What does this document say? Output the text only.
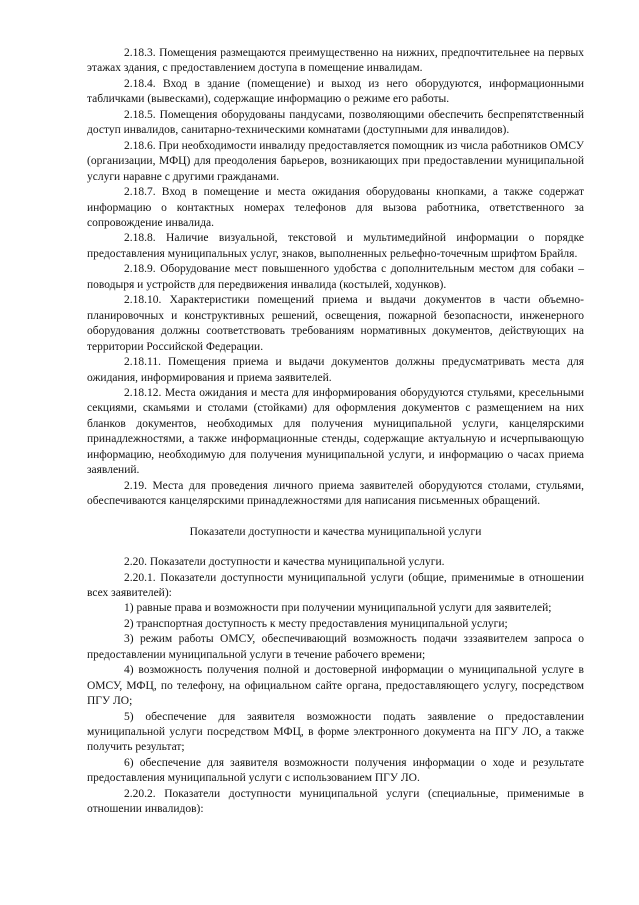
2.18.3. Помещения размещаются преимущественно на нижних, предпочтительнее на первых этажах здания, с предоставлением доступа в помещение инвалидам.

2.18.4. Вход в здание (помещение) и выход из него оборудуются, информационными табличками (вывесками), содержащие информацию о режиме его работы.

2.18.5. Помещения оборудованы пандусами, позволяющими обеспечить беспрепятственный доступ инвалидов, санитарно-техническими комнатами (доступными для инвалидов).

2.18.6. При необходимости инвалиду предоставляется помощник из числа работников ОМСУ (организации, МФЦ) для преодоления барьеров, возникающих при предоставлении муниципальной услуги наравне с другими гражданами.

2.18.7. Вход в помещение и места ожидания оборудованы кнопками, а также содержат информацию о контактных номерах телефонов для вызова работника, ответственного за сопровождение инвалида.

2.18.8. Наличие визуальной, текстовой и мультимедийной информации о порядке предоставления муниципальных услуг, знаков, выполненных рельефно-точечным шрифтом Брайля.

2.18.9. Оборудование мест повышенного удобства с дополнительным местом для собаки – поводыря и устройств для передвижения инвалида (костылей, ходунков).

2.18.10. Характеристики помещений приема и выдачи документов в части объемно-планировочных и конструктивных решений, освещения, пожарной безопасности, инженерного оборудования должны соответствовать требованиям нормативных документов, действующих на территории Российской Федерации.

2.18.11. Помещения приема и выдачи документов должны предусматривать места для ожидания, информирования и приема заявителей.

2.18.12. Места ожидания и места для информирования оборудуются стульями, кресельными секциями, скамьями и столами (стойками) для оформления документов с размещением на них бланков документов, необходимых для получения муниципальной услуги, канцелярскими принадлежностями, а также информационные стенды, содержащие актуальную и исчерпывающую информацию, необходимую для получения муниципальной услуги, и информацию о часах приема заявлений.

2.19. Места для проведения личного приема заявителей оборудуются столами, стульями, обеспечиваются канцелярскими принадлежностями для написания письменных обращений.

Показатели доступности и качества муниципальной услуги

2.20. Показатели доступности и качества муниципальной услуги.

2.20.1. Показатели доступности муниципальной услуги (общие, применимые в отношении всех заявителей):

1) равные права и возможности при получении муниципальной услуги для заявителей;

2) транспортная доступность к месту предоставления муниципальной услуги;

3) режим работы ОМСУ, обеспечивающий возможность подачи зззаявителем запроса о предоставлении муниципальной услуги в течение рабочего времени;

4) возможность получения полной и достоверной информации о муниципальной услуге в ОМСУ, МФЦ, по телефону, на официальном сайте органа, предоставляющего услугу, посредством ПГУ ЛО;

5) обеспечение для заявителя возможности подать заявление о предоставлении муниципальной услуги посредством МФЦ, в форме электронного документа на ПГУ ЛО, а также получить результат;

6) обеспечение для заявителя возможности получения информации о ходе и результате предоставления муниципальной услуги с использованием ПГУ ЛО.

2.20.2. Показатели доступности муниципальной услуги (специальные, применимые в отношении инвалидов):
